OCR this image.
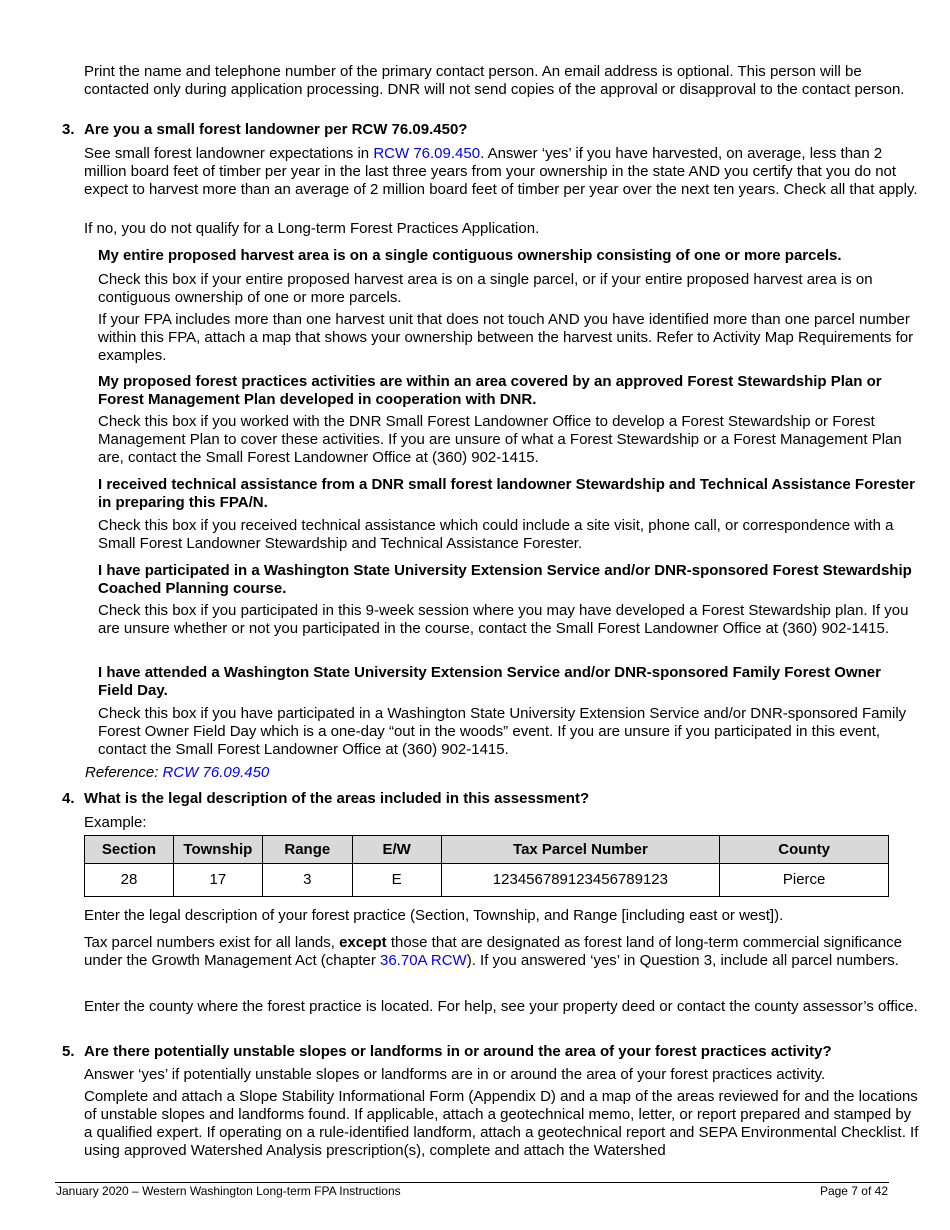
Print the name and telephone number of the primary contact person. An email address is optional. This person will be contacted only during application processing. DNR will not send copies of the approval or disapproval to the contact person.

3. Are you a small forest landowner per RCW 76.09.450?

See small forest landowner expectations in RCW 76.09.450. Answer ‘yes’ if you have harvested, on average, less than 2 million board feet of timber per year in the last three years from your ownership in the state AND you certify that you do not expect to harvest more than an average of 2 million board feet of timber per year over the next ten years. Check all that apply.

If no, you do not qualify for a Long-term Forest Practices Application.

My entire proposed harvest area is on a single contiguous ownership consisting of one or more parcels.

Check this box if your entire proposed harvest area is on a single parcel, or if your entire proposed harvest area is on contiguous ownership of one or more parcels.

If your FPA includes more than one harvest unit that does not touch AND you have identified more than one parcel number within this FPA, attach a map that shows your ownership between the harvest units. Refer to Activity Map Requirements for examples.

My proposed forest practices activities are within an area covered by an approved Forest Stewardship Plan or Forest Management Plan developed in cooperation with DNR.

Check this box if you worked with the DNR Small Forest Landowner Office to develop a Forest Stewardship or Forest Management Plan to cover these activities. If you are unsure of what a Forest Stewardship or a Forest Management Plan are, contact the Small Forest Landowner Office at (360) 902-1415.

I received technical assistance from a DNR small forest landowner Stewardship and Technical Assistance Forester in preparing this FPA/N.

Check this box if you received technical assistance which could include a site visit, phone call, or correspondence with a Small Forest Landowner Stewardship and Technical Assistance Forester.

I have participated in a Washington State University Extension Service and/or DNR-sponsored Forest Stewardship Coached Planning course.

Check this box if you participated in this 9-week session where you may have developed a Forest Stewardship plan. If you are unsure whether or not you participated in the course, contact the Small Forest Landowner Office at (360) 902-1415.

I have attended a Washington State University Extension Service and/or DNR-sponsored Family Forest Owner Field Day.

Check this box if you have participated in a Washington State University Extension Service and/or DNR-sponsored Family Forest Owner Field Day which is a one-day “out in the woods” event. If you are unsure if you participated in this event, contact the Small Forest Landowner Office at (360) 902-1415.

Reference: RCW 76.09.450

4. What is the legal description of the areas included in this assessment?

Example:

Section	Township	Range	E/W	Tax Parcel Number	County
28	17	3	E	123456789123456789123	Pierce

Enter the legal description of your forest practice (Section, Township, and Range [including east or west]).

Tax parcel numbers exist for all lands, except those that are designated as forest land of long-term commercial significance under the Growth Management Act (chapter 36.70A RCW). If you answered ‘yes’ in Question 3, include all parcel numbers.

Enter the county where the forest practice is located. For help, see your property deed or contact the county assessor’s office.

5. Are there potentially unstable slopes or landforms in or around the area of your forest practices activity?

Answer ‘yes’ if potentially unstable slopes or landforms are in or around the area of your forest practices activity.

Complete and attach a Slope Stability Informational Form (Appendix D) and a map of the areas reviewed for and the locations of unstable slopes and landforms found. If applicable, attach a geotechnical memo, letter, or report prepared and stamped by a qualified expert. If operating on a rule-identified landform, attach a geotechnical report and SEPA Environmental Checklist. If using approved Watershed Analysis prescription(s), complete and attach the Watershed

January 2020 – Western Washington Long-term FPA Instructions	Page 7 of 42
